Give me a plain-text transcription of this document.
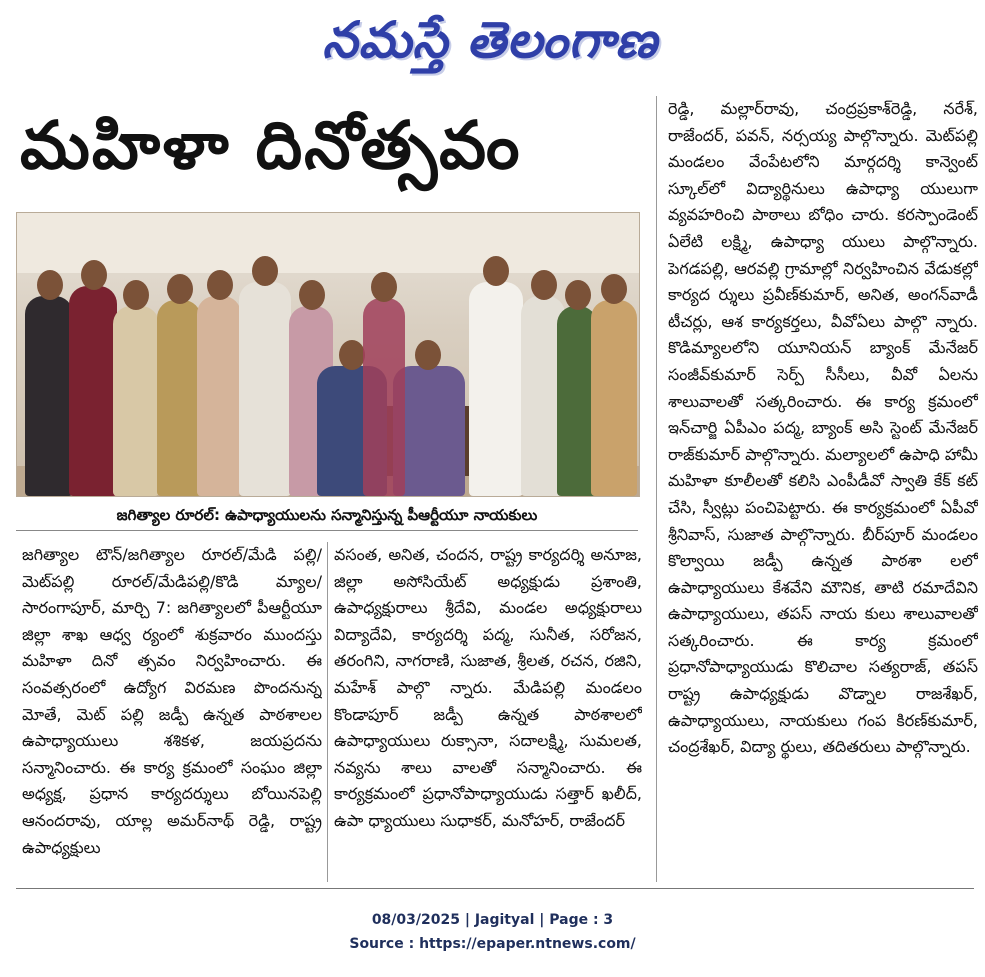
నమస్తే తెలంగాణ
మహిళా దినోత్సవం
జగిత్యాల రూరల్: ఉపాధ్యాయులను సన్మానిస్తున్న పీఆర్టీయూ నాయకులు
జగిత్యాల టౌన్/జగిత్యాల రూరల్/మేడి పల్లి/మెట్‌పల్లి రూరల్/మేడిపల్లి/కొడి మ్యాల/సారంగాపూర్, మార్చి 7: జగిత్యాలలో పీఆర్టీయూ జిల్లా శాఖ ఆధ్వ ర్యంలో శుక్రవారం ముందస్తు మహిళా దినో త్సవం నిర్వహించారు. ఈ సంవత్సరంలో ఉద్యోగ విరమణ పొందనున్న మోతే, మెట్ పల్లి జడ్పీ ఉన్నత పాఠశాలల ఉపాధ్యాయులు శశికళ, జయప్రదను సన్మానించారు. ఈ కార్య క్రమంలో సంఘం జిల్లా అధ్యక్ష, ప్రధాన కార్యదర్శులు బోయినపెల్లి ఆనందరావు, యాల్ల అమర్‌నాథ్ రెడ్డి, రాష్ట్ర ఉపాధ్యక్షులు
వసంత, అనిత, చందన, రాష్ట్ర కార్యదర్శి అనూజ, జిల్లా అసోసియేట్ అధ్యక్షుడు ప్రశాంతి, ఉపాధ్యక్షురాలు శ్రీదేవి, మండల అధ్యక్షురాలు విద్యాదేవి, కార్యదర్శి పద్మ, సునీత, సరోజన, తరంగిని, నాగరాణి, సుజాత, శ్రీలత, రచన, రజిని, మహేశ్ పాల్గొ న్నారు. మేడిపల్లి మండలం కొండాపూర్ జడ్పీ ఉన్నత పాఠశాలలో ఉపాధ్యాయులు రుక్సానా, సదాలక్ష్మి, సుమలత, నవ్యను శాలు వాలతో సన్మానించారు. ఈ కార్యక్రమంలో ప్రధానోపాధ్యాయుడు సత్తార్ ఖలీద్, ఉపా ధ్యాయులు సుధాకర్, మనోహర్, రాజేందర్
రెడ్డి, మల్లార్‌రావు, చంద్రప్రకాశ్‌రెడ్డి, నరేశ్, రాజేందర్, పవన్, నర్సయ్య పాల్గొన్నారు. మెట్‌పల్లి మండలం వేంపేటలోని మార్గదర్శి కాన్వెంట్ స్కూల్‌లో విద్యార్థినులు ఉపాధ్యా యులుగా వ్యవహరించి పాఠాలు బోధిం చారు. కరస్పాండెంట్ ఏలేటి లక్ష్మి, ఉపాధ్యా యులు పాల్గొన్నారు. పెగడపల్లి, ఆరవల్లి గ్రామాల్లో నిర్వహించిన వేడుకల్లో కార్యద ర్శులు ప్రవీణ్‌కుమార్, అనిత, అంగన్‌వాడీ టీచర్లు, ఆశ కార్యకర్తలు, వీవోఏలు పాల్గొ న్నారు. కొడిమ్యాలలోని యూనియన్ బ్యాంక్ మేనేజర్ సంజీవ్‌కుమార్ సెర్ప్ సీసీలు, వీవో ఏలను శాలువాలతో సత్కరించారు. ఈ కార్య క్రమంలో ఇన్‌చార్జి ఏపీఎం పద్మ, బ్యాంక్ అసి స్టెంట్ మేనేజర్ రాజ్‌కుమార్ పాల్గొన్నారు. మల్యాలలో ఉపాధి హామీ మహిళా కూలీలతో కలిసి ఎంపీడీవో స్వాతి కేక్ కట్ చేసి, స్వీట్లు పంచిపెట్టారు. ఈ కార్యక్రమంలో ఏపీవో శ్రీనివాస్, సుజాత పాల్గొన్నారు. బీర్‌పూర్ మండలం కొల్వాయి జడ్పీ ఉన్నత పాఠశా లలో ఉపాధ్యాయులు కేశవేని మౌనిక, తాటి రమాదేవిని ఉపాధ్యాయులు, తపస్ నాయ కులు శాలువాలతో సత్కరించారు. ఈ కార్య క్రమంలో ప్రధానోపాధ్యాయుడు కొలిచాల సత్యరాజ్, తపస్ రాష్ట్ర ఉపాధ్యక్షుడు వొడ్నాల రాజశేఖర్, ఉపాధ్యాయులు, నాయకులు గంప కిరణ్‌కుమార్, చంద్రశేఖర్, విద్యా ర్థులు, తదితరులు పాల్గొన్నారు.
08/03/2025 | Jagityal | Page : 3
Source : https://epaper.ntnews.com/
